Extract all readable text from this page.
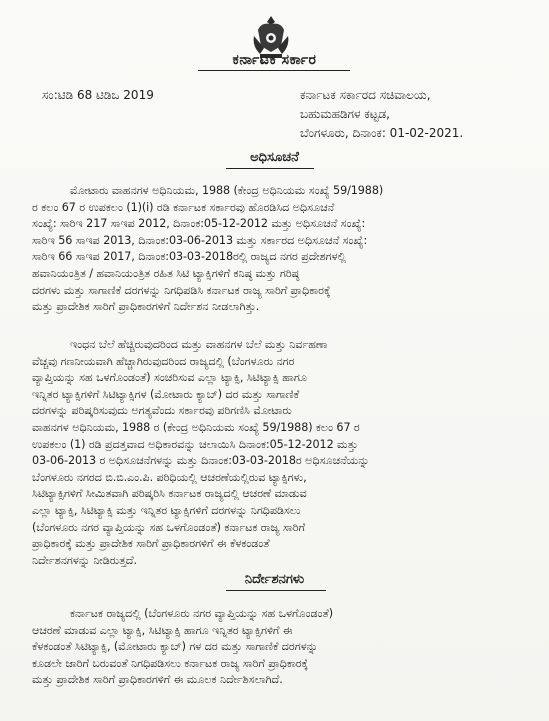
ಕರ್ನಾಟಕ ಸರ್ಕಾರ
ಸಂ:ಟಿಡಿ 68 ಟಿಡಿಒ 2019	ಕರ್ನಾಟಕ ಸರ್ಕಾರದ ಸಚಿವಾಲಯ,
ಬಹುಮಹಡಿಗಳ ಕಟ್ಟಡ,
ಬೆಂಗಳೂರು, ದಿನಾಂಕ: 01-02-2021.
ಅಧಿಸೂಚನೆ
ಮೋಟಾರು ವಾಹನಗಳ ಅಧಿನಿಯಮ, 1988 (ಕೇಂದ್ರ ಅಧಿನಿಯಮ ಸಂಖ್ಯೆ 59/1988)
ರ ಕಲಂ 67 ರ ಉಪಕಲಂ (1)(i) ರಡಿ ಕರ್ನಾಟಕ ಸರ್ಕಾರವು ಹೊರಡಿಸಿದ ಅಧಿಸೂಚನೆ
ಸಂಖ್ಯೆ: ಸಾರಿಇ 217 ಸಾಇಪ 2012, ದಿನಾಂಕ:05-12-2012 ಮತ್ತು ಅಧಿಸೂಚನೆ ಸಂಖ್ಯೆ:
ಸಾರಿಇ 56 ಸಾಇಪ 2013, ದಿನಾಂಕ:03-06-2013 ಮತ್ತು ಸರ್ಕಾರದ ಅಧಿಸೂಚನೆ ಸಂಖ್ಯೆ:
ಸಾರಿಇ 66 ಸಾಇಪ 2017, ದಿನಾಂಕ:03-03-2018ರಲ್ಲಿ ರಾಜ್ಯದ ನಗರ ಪ್ರದೇಶಗಳಲ್ಲಿ
ಹವಾನಿಯಂತ್ರಿತ / ಹವಾನಿಯಂತ್ರಿತ ರಹಿತ ಸಿಟಿ ಟ್ಯಾಕ್ಸಿಗಳಿಗೆ ಕನಿಷ್ಠ ಮತ್ತು ಗರಿಷ್ಠ
ದರಗಳು ಮತ್ತು ಸಾಗಾಣಿಕೆ ದರಗಳನ್ನು ನಿಗಧಿಪಡಿಸಿ ಕರ್ನಾಟಕ ರಾಜ್ಯ ಸಾರಿಗೆ ಪ್ರಾಧಿಕಾರಕ್ಕೆ
ಮತ್ತು ಪ್ರಾದೇಶಿಕ ಸಾರಿಗೆ ಪ್ರಾಧಿಕಾರಗಳಿಗೆ ನಿರ್ದೇಶನ ನೀಡಲಾಗಿತ್ತು.
ಇಂಧನ ಬೆಲೆ ಹೆಚ್ಚಿರುವುದರಿಂದ ಮತ್ತು ವಾಹನಗಳ ಬೆಲೆ ಮತ್ತು ನಿರ್ವಹಣಾ
ವೆಚ್ಚವು ಗಣನೀಯವಾಗಿ ಹೆಚ್ಚಾಗಿರುವುದರಿಂದ ರಾಜ್ಯದಲ್ಲಿ (ಬೆಂಗಳೂರು ನಗರ
ವ್ಯಾಪ್ತಿಯನ್ನು ಸಹ ಒಳಗೊಂಡಂತೆ) ಸಂಚರಿಸುವ ಎಲ್ಲಾ ಟ್ಯಾಕ್ಸಿ, ಸಿಟಿಟ್ಯಾಕ್ಸಿ ಹಾಗೂ
ಇನ್ನಿತರ ಟ್ಯಾಕ್ಸಿಗಳಿಗೆ ಸಿಟಿಟ್ಯಾಕ್ಸಿಗಳ (ಮೋಟಾರು ಕ್ಯಾಬ್) ದರ ಮತ್ತು ಸಾಗಾಣಿಕೆ
ದರಗಳನ್ನು ಪರಿಷ್ಕರಿಸುವುದು ಅಗತ್ಯವೆಂದು ಸರ್ಕಾರವು ಪರಿಗಣಿಸಿ ಮೋಟಾರು
ವಾಹನಗಳ ಅಧಿನಿಯಮ, 1988 ರ (ಕೇಂದ್ರ ಅಧಿನಿಯಮ ಸಂಖ್ಯೆ 59/1988) ಕಲಂ 67 ರ
ಉಪಕಲಂ (1) ರಡಿ ಪ್ರದತ್ತವಾದ ಅಧಿಕಾರವನ್ನು ಚಲಾಯಿಸಿ ದಿನಾಂಕ:05-12-2012 ಮತ್ತು
03-06-2013 ರ ಅಧಿಸೂಚನೆಗಳನ್ನು ಮತ್ತು ದಿನಾಂಕ:03-03-2018ರ ಅಧಿಸೂಚನೆಯನ್ನು
ಬೆಂಗಳೂರು ನಗರದ ಬಿ.ಬಿ.ಎಂ.ಪಿ. ಪರಿಧಿಯಲ್ಲಿ ಆಚರಣೆಯಲ್ಲಿರುವ ಟ್ಯಾಕ್ಸಿಗಳು,
ಸಿಟಿಟ್ಯಾಕ್ಸಿಗಳಿಗೆ ಸೀಮಿತವಾಗಿ ಪರಿಷ್ಕರಿಸಿ ಕರ್ನಾಟಕ ರಾಜ್ಯದಲ್ಲಿ ಆಚರಣೆ ಮಾಡುವ
ಎಲ್ಲಾ ಟ್ಯಾಕ್ಸಿ, ಸಿಟಿಟ್ಯಾಕ್ಸಿ ಮತ್ತು ಇನ್ನಿತರ ಟ್ಯಾಕ್ಸಿಗಳಿಗೆ ದರಗಳನ್ನು ನಿಗಧಿಪಡಿಸಲು
(ಬೆಂಗಳೂರು ನಗರ ವ್ಯಾಪ್ತಿಯನ್ನು ಸಹ ಒಳಗೊಂಡಂತೆ) ಕರ್ನಾಟಕ ರಾಜ್ಯ ಸಾರಿಗೆ
ಪ್ರಾಧಿಕಾರಕ್ಕೆ ಮತ್ತು ಪ್ರಾದೇಶಿಕ ಸಾರಿಗೆ ಪ್ರಾಧಿಕಾರಗಳಿಗೆ ಈ ಕೆಳಕಂಡಂತೆ
ನಿರ್ದೇಶನಗಳನ್ನು ನೀಡಿರುತ್ತದೆ.
ನಿರ್ದೇಶನಗಳು
ಕರ್ನಾಟಕ ರಾಜ್ಯದಲ್ಲಿ (ಬೆಂಗಳೂರು ನಗರ ವ್ಯಾಪ್ತಿಯನ್ನು ಸಹ ಒಳಗೊಂಡಂತೆ)
ಆಚರಣೆ ಮಾಡುವ ಎಲ್ಲಾ ಟ್ಯಾಕ್ಸಿ, ಸಿಟಿಟ್ಯಾಕ್ಸಿ ಹಾಗೂ ಇನ್ನಿತರ ಟ್ಯಾಕ್ಸಿಗಳಿಗೆ ಈ
ಕೆಳಕಂಡಂತೆ ಸಿಟಿಟ್ಯಾಕ್ಸಿ, (ಮೋಟಾರು ಕ್ಯಾಬ್) ಗಳ ದರ ಮತ್ತು ಸಾಗಾಣಿಕೆ ದರಗಳನ್ನು
ಕೂಡಲೇ ಜಾರಿಗೆ ಬರುವಂತೆ ನಿಗಧಿಪಡಿಸಲು ಕರ್ನಾಟಕ ರಾಜ್ಯ ಸಾರಿಗೆ ಪ್ರಾಧಿಕಾರಕ್ಕೆ
ಮತ್ತು ಪ್ರಾದೇಶಿಕ ಸಾರಿಗೆ ಪ್ರಾಧಿಕಾರಗಳಿಗೆ ಈ ಮೂಲಕ ನಿರ್ದೇಶಿಸಲಾಗಿದೆ.
